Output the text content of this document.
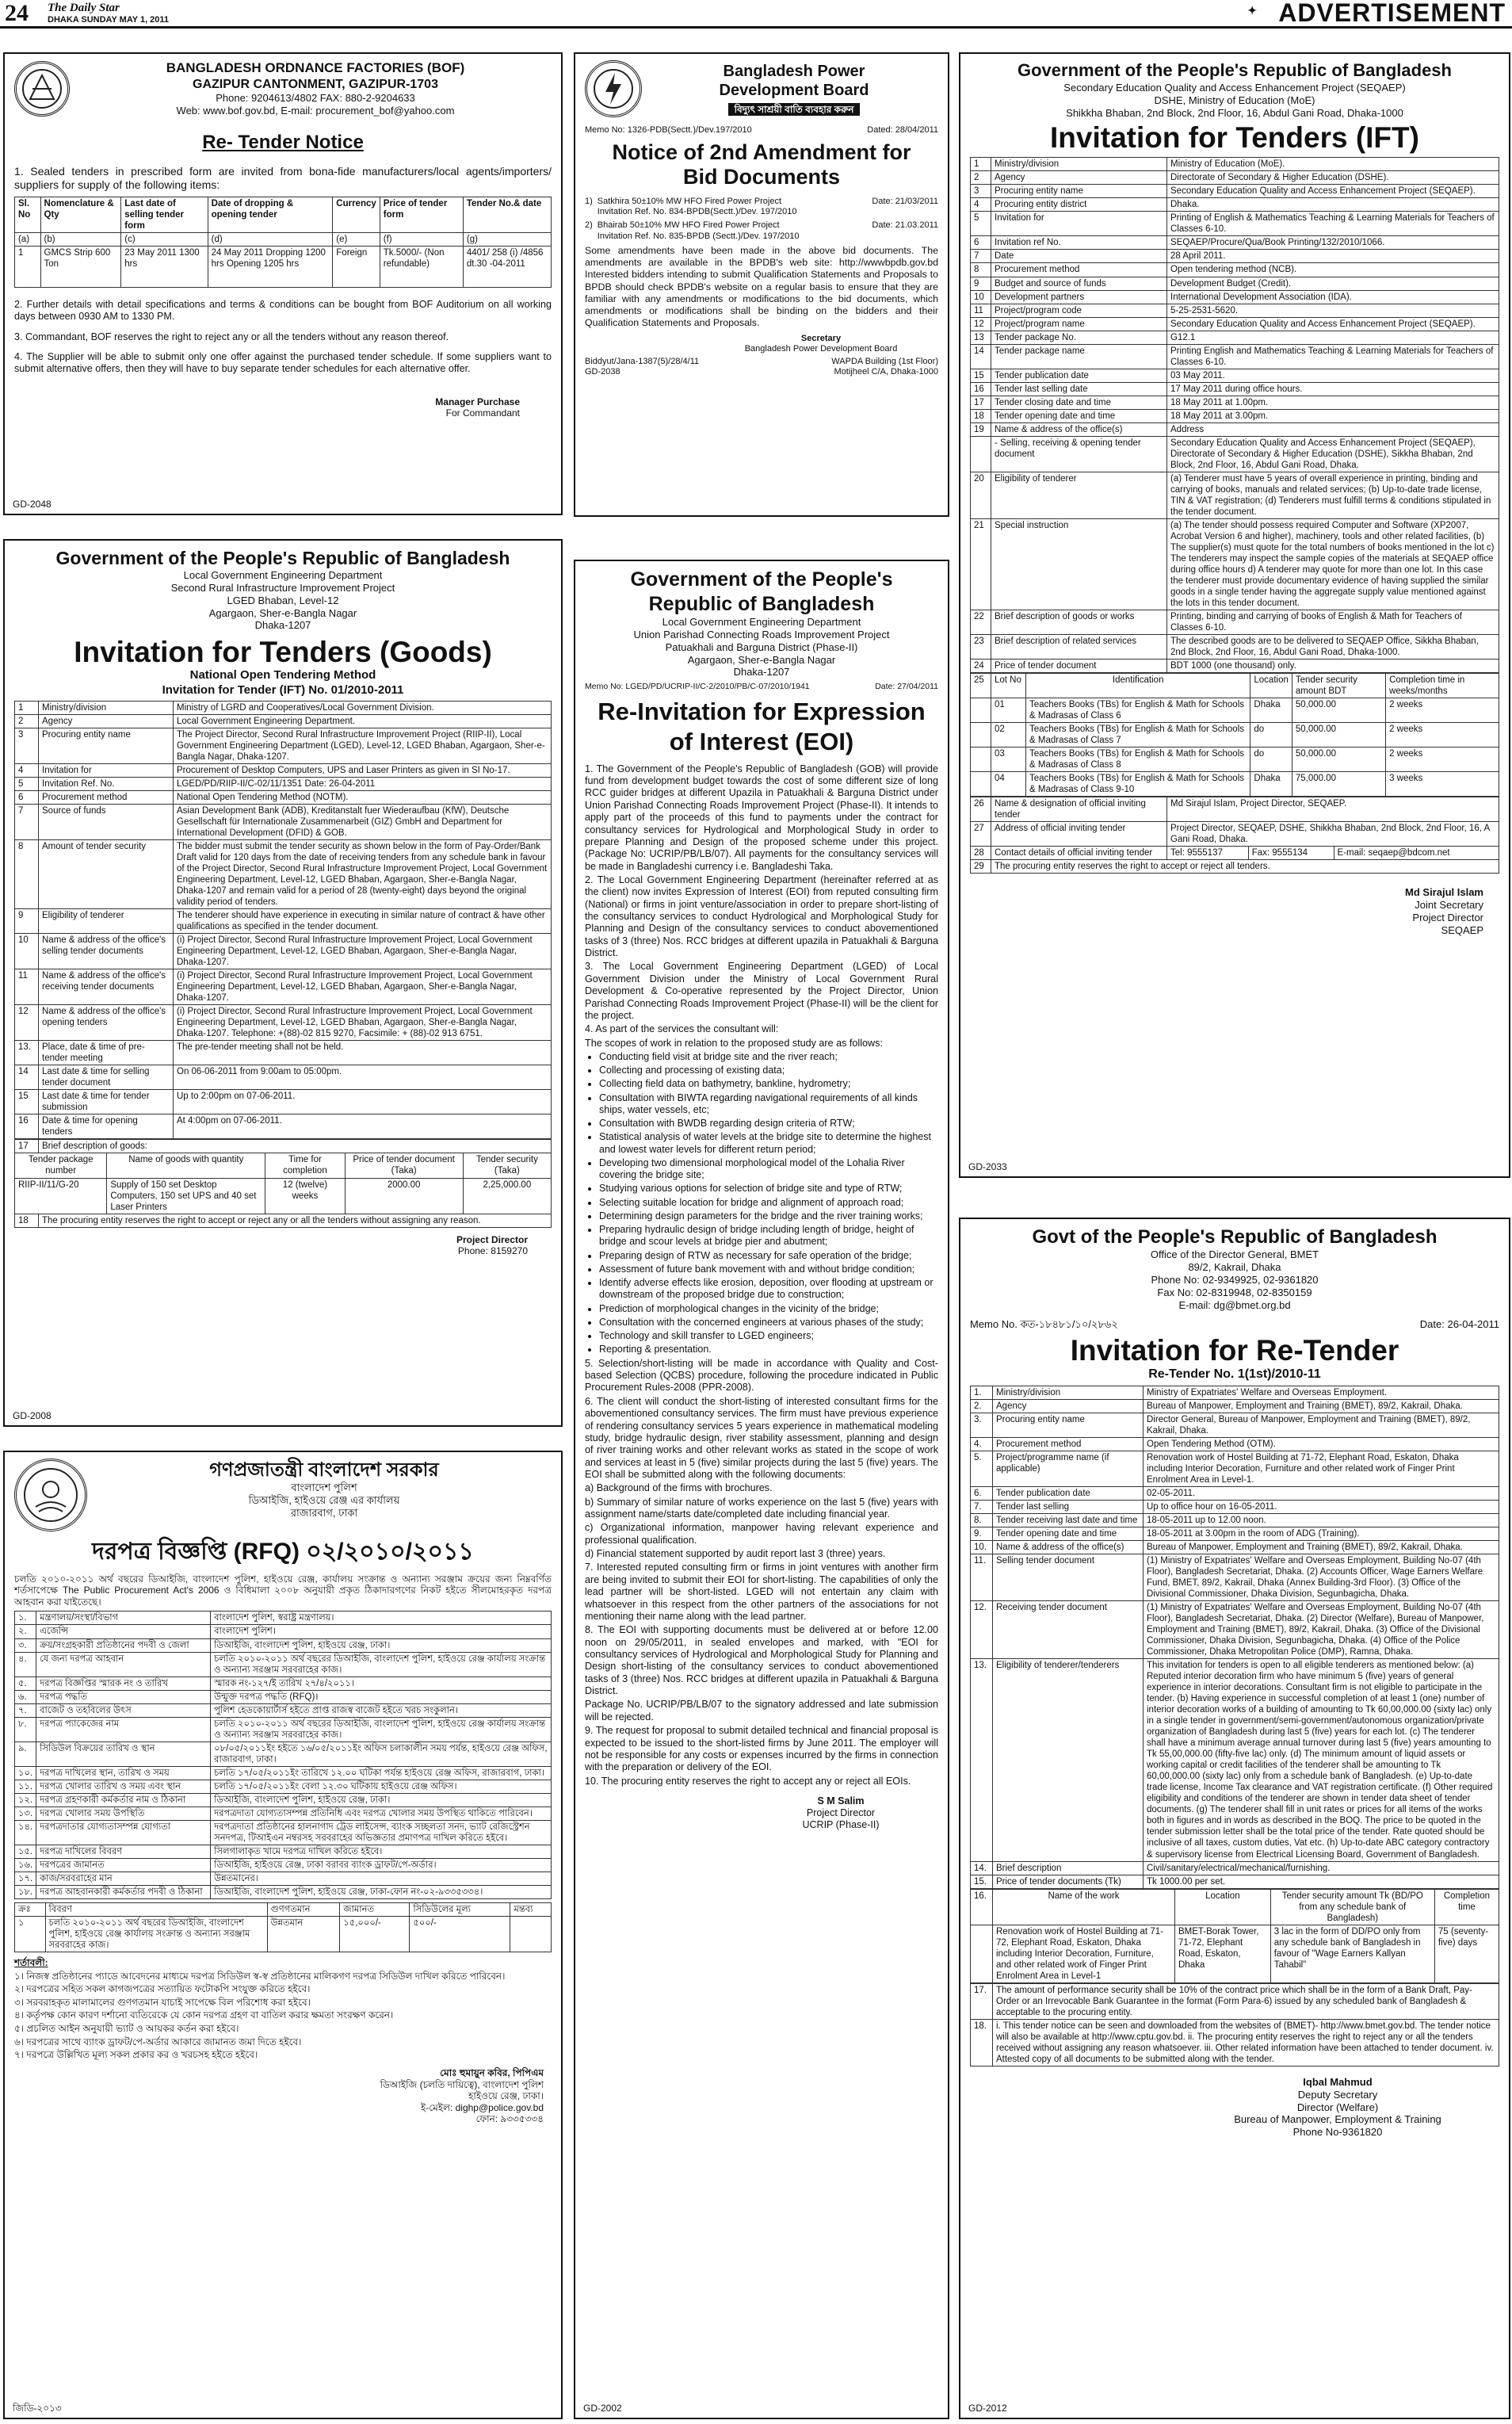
24 The Daily Star
DHAKA SUNDAY MAY 1, 2011
✦ ADVERTISEMENT
BANGLADESH ORDNANCE FACTORIES (BOF)
GAZIPUR CANTONMENT, GAZIPUR-1703
Phone: 9204613/4802 FAX: 880-2-9204633
Web: www.bof.gov.bd, E-mail: procurement_bof@yahoo.com
Re- Tender Notice
1. Sealed tenders in prescribed form are invited from bona-fide manufacturers/local agents/importers/ suppliers for supply of the following items:
Sl. No	Nomenclature & Qty	Last date of selling tender form	Date of dropping & opening tender	Currency	Price of tender form	Tender No.& date
(a)	(b)	(c)	(d)	(e)	(f)	(g)
1	GMCS Strip 600 Ton	23 May 2011 1300 hrs	24 May 2011 Dropping 1200 hrs Opening 1205 hrs	Foreign	Tk.5000/- (Non refundable)	4401/ 258 (i) /4856 dt.30 -04-2011
2. Further details with detail specifications and terms & conditions can be bought from BOF Auditorium on all working days between 0930 AM to 1330 PM.
3. Commandant, BOF reserves the right to reject any or all the tenders without any reason thereof.
4. The Supplier will be able to submit only one offer against the purchased tender schedule. If some suppliers want to submit alternative offers, then they will have to buy separate tender schedules for each alternative offer.
Manager Purchase
For Commandant
GD-2048
Bangladesh Power
Development Board
বিদ্যুৎ সাশ্রয়ী বাতি ব্যবহার করুন
Memo No: 1326-PDB(Sectt.)/Dev.197/2010	Dated: 28/04/2011
Notice of 2nd Amendment for
Bid Documents
1) Satkhira 50±10% MW HFO Fired Power Project	Date: 21/03/2011
Invitation Ref. No. 834-BPDB(Sectt.)/Dev. 197/2010
2) Bhairab 50±10% MW HFO Fired Power Project	Date: 21.03.2011
Invitation Ref. No. 835-BPDB (Sectt.)/Dev. 197/2010
Some amendments have been made in the above bid documents. The amendments are available in the BPDB's web site: http://wwwbpdb.gov.bd Interested bidders intending to submit Qualification Statements and Proposals to BPDB should check BPDB's website on a regular basis to ensure that they are familiar with any amendments or modifications to the bid documents, which amendments or modifications shall be binding on the bidders and their Qualification Statements and Proposals.
Secretary
Bangladesh Power Development Board
Biddyut/Jana-1387(5)/28/4/11	WAPDA Building (1st Floor)
GD-2038	Motijheel C/A, Dhaka-1000
Government of the People's Republic of Bangladesh
Secondary Education Quality and Access Enhancement Project (SEQAEP)
DSHE, Ministry of Education (MoE)
Shikkha Bhaban, 2nd Block, 2nd Floor, 16, Abdul Gani Road, Dhaka-1000
Invitation for Tenders (IFT)
1	Ministry/division	Ministry of Education (MoE).
2	Agency	Directorate of Secondary & Higher Education (DSHE).
3	Procuring entity name	Secondary Education Quality and Access Enhancement Project (SEQAEP).
4	Procuring entity district	Dhaka.
5	Invitation for	Printing of English & Mathematics Teaching & Learning Materials for Teachers of Classes 6-10.
6	Invitation ref No.	SEQAEP/Procure/Qua/Book Printing/132/2010/1066.
7	Date	28 April 2011.
8	Procurement method	Open tendering method (NCB).
9	Budget and source of funds	Development Budget (Credit).
10	Development partners	International Development Association (IDA).
11	Project/program code	5-25-2531-5620.
12	Project/program name	Secondary Education Quality and Access Enhancement Project (SEQAEP).
13	Tender package No.	G12.1
14	Tender package name	Printing English and Mathematics Teaching & Learning Materials for Teachers of Classes 6-10.
15	Tender publication date	03 May 2011.
16	Tender last selling date	17 May 2011 during office hours.
17	Tender closing date and time	18 May 2011 at 1.00pm.
18	Tender opening date and time	18 May 2011 at 3.00pm.
19	Name & address of the office(s)	Address
	- Selling, receiving & opening tender document	Secondary Education Quality and Access Enhancement Project (SEQAEP), Directorate of Secondary & Higher Education (DSHE), Sikkha Bhaban, 2nd Block, 2nd Floor, 16, Abdul Gani Road, Dhaka.
20	Eligibility of tenderer	(a) Tenderer must have 5 years of overall experience in printing, binding and carrying of books, manuals and related services; (b) Up-to-date trade license, TIN & VAT registration; (d) Tenderers must fulfill terms & conditions stipulated in the tender document.
21	Special instruction	(a) The tender should possess required Computer and Software (XP2007, Acrobat Version 6 and higher), machinery, tools and other related facilities, (b) The supplier(s) must quote for the total numbers of books mentioned in the lot c) The tenderers may inspect the sample copies of the materials at SEQAEP office during office hours d) A tenderer may quote for more than one lot. In this case the tenderer must provide documentary evidence of having supplied the similar goods in a single tender having the aggregate supply value mentioned against the lots in this tender document.
22	Brief description of goods or works	Printing, binding and carrying of books of English & Math for Teachers of Classes 6-10.
23	Brief description of related services	The described goods are to be delivered to SEQAEP Office, Sikkha Bhaban, 2nd Block, 2nd Floor, 16, Abdul Gani Road, Dhaka-1000.
24	Price of tender document	BDT 1000 (one thousand) only.
25	Lot No	Identification	Location	Tender security amount BDT	Completion time in weeks/months
	01	Teachers Books (TBs) for English & Math for Schools & Madrasas of Class 6	Dhaka	50,000.00	2 weeks
	02	Teachers Books (TBs) for English & Math for Schools & Madrasas of Class 7	do	50,000.00	2 weeks
	03	Teachers Books (TBs) for English & Math for Schools & Madrasas of Class 8	do	50,000.00	2 weeks
	04	Teachers Books (TBs) for English & Math for Schools & Madrasas of Class 9-10	Dhaka	75,000.00	3 weeks
26	Name & designation of official inviting tender	Md Sirajul Islam, Project Director, SEQAEP.		
27	Address of official inviting tender	Project Director, SEQAEP, DSHE, Shikkha Bhaban, 2nd Block, 2nd Floor, 16, A Gani Road, Dhaka.		
28	Contact details of official inviting tender	Tel: 9555137	Fax: 9555134	E-mail: seqaep@bdcom.net
29	The procuring entity reserves the right to accept or reject all tenders.			
Md Sirajul Islam
Joint Secretary
Project Director
SEQAEP
GD-2033
Government of the People's Republic of Bangladesh
Local Government Engineering Department
Second Rural Infrastructure Improvement Project
LGED Bhaban, Level-12
Agargaon, Sher-e-Bangla Nagar
Dhaka-1207
Invitation for Tenders (Goods)
National Open Tendering Method
Invitation for Tender (IFT) No. 01/2010-2011
1	Ministry/division	Ministry of LGRD and Cooperatives/Local Government Division.
2	Agency	Local Government Engineering Department.
3	Procuring entity name	The Project Director, Second Rural Infrastructure Improvement Project (RIIP-II), Local Government Engineering Department (LGED), Level-12, LGED Bhaban, Agargaon, Sher-e-Bangla Nagar, Dhaka-1207.
4	Invitation for	Procurement of Desktop Computers, UPS and Laser Printers as given in SI No-17.
5	Invitation Ref. No.	LGED/PD/RIIP-II/C-02/11/1351 Date: 26-04-2011
6	Procurement method	National Open Tendering Method (NOTM).
7	Source of funds	Asian Development Bank (ADB), Kreditanstalt fuer Wiederaufbau (KfW), Deutsche Gesellschaft für Internationale Zusammenarbeit (GIZ) GmbH and Department for International Development (DFID) & GOB.
8	Amount of tender security	The bidder must submit the tender security as shown below in the form of Pay-Order/Bank Draft valid for 120 days from the date of receiving tenders from any schedule bank in favour of the Project Director, Second Rural Infrastructure Improvement Project, Local Government Engineering Department, Level-12, LGED Bhaban, Agargaon, Sher-e-Bangla Nagar, Dhaka-1207 and remain valid for a period of 28 (twenty-eight) days beyond the original validity period of tenders.
9	Eligibility of tenderer	The tenderer should have experience in executing in similar nature of contract & have other qualifications as specified in the tender document.
10	Name & address of the office's selling tender documents	(i) Project Director, Second Rural Infrastructure Improvement Project, Local Government Engineering Department, Level-12, LGED Bhaban, Agargaon, Sher-e-Bangla Nagar, Dhaka-1207.
11	Name & address of the office's receiving tender documents	(i) Project Director, Second Rural Infrastructure Improvement Project, Local Government Engineering Department, Level-12, LGED Bhaban, Agargaon, Sher-e-Bangla Nagar, Dhaka-1207.
12	Name & address of the office's opening tenders	(i) Project Director, Second Rural Infrastructure Improvement Project, Local Government Engineering Department, Level-12, LGED Bhaban, Agargaon, Sher-e-Bangla Nagar, Dhaka-1207. Telephone: +(88)-02 815 9270, Facsimile: + (88)-02 913 6751.
13.	Place, date & time of pre-tender meeting	The pre-tender meeting shall not be held.
14	Last date & time for selling tender document	On 06-06-2011 from 9:00am to 05:00pm.
15	Last date & time for tender submission	Up to 2:00pm on 07-06-2011.
16	Date & time for opening tenders	At 4:00pm on 07-06-2011.
17	Brief description of goods:				
Tender package number		Name of goods with quantity	Time for completion	Price of tender document (Taka)	Tender security (Taka)
RIIP-II/11/G-20		Supply of 150 set Desktop Computers, 150 set UPS and 40 set Laser Printers	12 (twelve) weeks	2000.00	2,25,000.00
18	The procuring entity reserves the right to accept or reject any or all the tenders without assigning any reason.				
Project Director
Phone: 8159270
GD-2008
Government of the People's
Republic of Bangladesh
Local Government Engineering Department
Union Parishad Connecting Roads Improvement Project
Patuakhali and Barguna District (Phase-II)
Agargaon, Sher-e-Bangla Nagar
Dhaka-1207
Memo No: LGED/PD/UCRIP-II/C-2/2010/PB/C-07/2010/1941	Date: 27/04/2011
Re-Invitation for Expression
of Interest (EOI)
1. The Government of the People's Republic of Bangladesh (GOB) will provide fund from development budget towards the cost of some different size of long RCC guider bridges at different Upazila in Patuakhali & Barguna District under Union Parishad Connecting Roads Improvement Project (Phase-II). It intends to apply part of the proceeds of this fund to payments under the contract for consultancy services for Hydrological and Morphological Study in order to prepare Planning and Design of the proposed scheme under this project. (Package No: UCRIP/PB/LB/07). All payments for the consultancy services will be made in Bangladeshi currency i.e. Bangladeshi Taka.
2. The Local Government Engineering Department (hereinafter referred at as the client) now invites Expression of Interest (EOI) from reputed consulting firm (National) or firms in joint venture/association in order to prepare short-listing of the consultancy services to conduct Hydrological and Morphological Study for Planning and Design of the consultancy services to conduct abovementioned tasks of 3 (three) Nos. RCC bridges at different upazila in Patuakhali & Barguna District.
3. The Local Government Engineering Department (LGED) of Local Government Division under the Ministry of Local Government Rural Development & Co-operative represented by the Project Director, Union Parishad Connecting Roads Improvement Project (Phase-II) will be the client for the project.
4. As part of the services the consultant will:
The scopes of work in relation to the proposed study are as follows:
• Conducting field visit at bridge site and the river reach;
• Collecting and processing of existing data;
• Collecting field data on bathymetry, bankline, hydrometry;
• Consultation with BIWTA regarding navigational requirements of all kinds ships, water vessels, etc;
• Consultation with BWDB regarding design criteria of RTW;
• Statistical analysis of water levels at the bridge site to determine the highest and lowest water levels for different return period;
• Developing two dimensional morphological model of the Lohalia River covering the bridge site;
• Studying various options for selection of bridge site and type of RTW;
• Selecting suitable location for bridge and alignment of approach road;
• Determining design parameters for the bridge and the river training works;
• Preparing hydraulic design of bridge including length of bridge, height of bridge and scour levels at bridge pier and abutment;
• Preparing design of RTW as necessary for safe operation of the bridge;
• Assessment of future bank movement with and without bridge condition;
• Identify adverse effects like erosion, deposition, over flooding at upstream or downstream of the proposed bridge due to construction;
• Prediction of morphological changes in the vicinity of the bridge;
• Consultation with the concerned engineers at various phases of the study;
• Technology and skill transfer to LGED engineers;
• Reporting & presentation.
5. Selection/short-listing will be made in accordance with Quality and Cost-based Selection (QCBS) procedure, following the procedure indicated in Public Procurement Rules-2008 (PPR-2008).
6. The client will conduct the short-listing of interested consultant firms for the abovementioned consultancy services. The firm must have previous experience of rendering consultancy services 5 years experience in mathematical modeling study, bridge hydraulic design, river stability assessment, planning and design of river training works and other relevant works as stated in the scope of work and services at least in 5 (five) similar projects during the last 5 (five) years. The EOI shall be submitted along with the following documents:
a) Background of the firms with brochures.
b) Summary of similar nature of works experience on the last 5 (five) years with assignment name/starts date/completed date including financial year.
c) Organizational information, manpower having relevant experience and professional qualification.
d) Financial statement supported by audit report last 3 (three) years.
7. Interested reputed consulting firm or firms in joint ventures with another firm are being invited to submit their EOI for short-listing. The capabilities of only the lead partner will be short-listed. LGED will not entertain any claim with whatsoever in this respect from the other partners of the associations for not mentioning their name along with the lead partner.
8. The EOI with supporting documents must be delivered at or before 12.00 noon on 29/05/2011, in sealed envelopes and marked, with "EOI for consultancy services of Hydrological and Morphological Study for Planning and Design short-listing of the consultancy services to conduct abovementioned tasks of 3 (three) Nos. RCC bridges at different upazila in Patuakhali & Barguna District.
Package No. UCRIP/PB/LB/07 to the signatory addressed and late submission will be rejected.
9. The request for proposal to submit detailed technical and financial proposal is expected to be issued to the short-listed firms by June 2011. The employer will not be responsible for any costs or expenses incurred by the firms in connection with the preparation or delivery of the EOI.
10. The procuring entity reserves the right to accept any or reject all EOIs.
S M Salim
Project Director
UCRIP (Phase-II)
GD-2002
গণপ্রজাতন্ত্রী বাংলাদেশ সরকার
বাংলাদেশ পুলিশ
ডিআইজি, হাইওয়ে রেঞ্জ এর কার্যালয়
রাজারবাগ, ঢাকা
দরপত্র বিজ্ঞপ্তি (RFQ) ০২/২০১০/২০১১
চলতি ২০১০-২০১১ অর্থ বছরের ডিআইজি, বাংলাদেশ পুলিশ, হাইওয়ে রেঞ্জ, কার্যালয় সংক্রান্ত ও অন্যান্য সরঞ্জাম ক্রয়ের জন্য নিম্নবর্ণিত শর্তসাপেক্ষে The Public Procurement Act's 2006 ও বিধিমালা ২০০৮ অনুযায়ী প্রকৃত ঠিকাদারগণের নিকট হইতে সীলমোহরকৃত দরপত্র আহবান করা যাইতেছে।
১.	মন্ত্রণালয়/সংস্থা/বিভাগ	বাংলাদেশ পুলিশ, স্বরাষ্ট্র মন্ত্রণালয়।
২.	এজেন্সি	বাংলাদেশ পুলিশ।
৩.	ক্রয়/সংগ্রহকারী প্রতিষ্ঠানের পদবী ও জেলা	ডিআইজি, বাংলাদেশ পুলিশ, হাইওয়ে রেঞ্জ, ঢাকা।
৪.	যে জন্য দরপত্র আহবান	চলতি ২০১০-২০১১ অর্থ বছরের ডিআইজি, বাংলাদেশ পুলিশ, হাইওয়ে রেঞ্জ কার্যালয় সংক্রান্ত ও অন্যান্য সরঞ্জাম সরবরাহের কাজ।
৫.	দরপত্র বিজ্ঞপ্তির স্মারক নং ও তারিখ	স্মারক নং-১২৭/ই তারিখ ২৭/৪/২০১১।
৬.	দরপত্র পদ্ধতি	উন্মুক্ত দরপত্র পদ্ধতি (RFQ)।
৭.	বাজেট ও তহবিলের উৎস	পুলিশ হেডকোয়ার্টার্স হইতে প্রাপ্ত রাজস্ব বাজেট হইতে খরচ সংকুলান।
৮.	দরপত্র প্যাকেজের নাম	চলতি ২০১০-২০১১ অর্থ বছরের ডিআইজি, বাংলাদেশ পুলিশ, হাইওয়ে রেঞ্জ কার্যালয় সংক্রান্ত ও অন্যান্য সরঞ্জাম সরবরাহের কাজ।
৯.	সিডিউল বিক্রয়ের তারিখ ও স্থান	০৮/০৫/২০১১ইং হইতে ১৬/০৫/২০১১ইং অফিস চলাকালীন সময় পর্যন্ত, হাইওয়ে রেঞ্জ অফিস, রাজারবাগ, ঢাকা।
১০.	দরপত্র দাখিলের স্থান, তারিখ ও সময়	চলতি ১৭/০৫/২০১১ইং তারিখে ১২.০০ ঘটিকা পর্যন্ত হাইওয়ে রেঞ্জ অফিস, রাজারবাগ, ঢাকা।
১১.	দরপত্র খোলার তারিখ ও সময় এবং স্থান	চলতি ১৭/০৫/২০১১ইং বেলা ১২.৩০ ঘটিকায় হাইওয়ে রেঞ্জ অফিস।
১২.	দরপত্র গ্রহণকারী কর্মকর্তার নাম ও ঠিকানা	ডিআইজি, বাংলাদেশ পুলিশ, হাইওয়ে রেঞ্জ, ঢাকা।
১৩.	দরপত্র খোলার সময় উপস্থিতি	দরপত্রদাতা যোগ্যতাসম্পন্ন প্রতিনিধি এবং দরপত্র খোলার সময় উপস্থিত থাকিতে পারিবেন।
১৪.	দরপত্রদাতার যোগ্যতাসম্পন্ন যোগ্যতা	দরপত্রদাতা প্রতিষ্ঠানের হালনাগাদ ট্রেড লাইসেন্স, ব্যাংক সচ্ছলতা সনদ, ভ্যাট রেজিস্ট্রেশন সনদপত্র, টিআইএন নম্বরসহ সরবরাহের অভিজ্ঞতার প্রমাণপত্র দাখিল করিতে হইবে।
১৫.	দরপত্র দাখিলের বিবরণ	সিলগালাকৃত খামে দরপত্র দাখিল করিতে হইবে।
১৬.	দরপত্রের জামানত	ডিআইজি, হাইওয়ে রেঞ্জ, ঢাকা বরাবর ব্যাংক ড্রাফট/পে-অর্ডার।
১৭.	কাজ/সরবরাহের মান	উন্নতমানের।
১৮.	দরপত্র আহবানকারী কর্মকর্তার পদবী ও ঠিকানা	ডিআইজি, বাংলাদেশ পুলিশ, হাইওয়ে রেঞ্জ, ঢাকা-ফোন নং-০২-৯৩৩৫৩৩৪।
ক্রঃ	বিবরণ	গুণগতমান	জামানত	সিডিউলের মূল্য	মন্তব্য
১	চলতি ২০১০-২০১১ অর্থ বছরের ডিআইজি, বাংলাদেশ পুলিশ, হাইওয়ে রেঞ্জ কার্যালয় সংক্রান্ত ও অন্যান্য সরঞ্জাম সরবরাহের কাজ।	উন্নতমান	১৫,০০০/-	৫০০/-	
শর্তাবলী:
১। নিজস্ব প্রতিষ্ঠানের প্যাডে আবেদনের মাধ্যমে দরপত্র সিডিউল স্ব-স্ব প্রতিষ্ঠানের মালিকগণ দরপত্র সিডিউল দাখিল করিতে পারিবেন।
২। দরপত্রের সহিত সকল কাগজপত্রের সত্যায়িত ফটোকপি সংযুক্ত করিতে হইবে।
৩। সরবরাহকৃত মালামালের গুণগতমান যাচাই সাপেক্ষে বিল পরিশোধ করা হইবে।
৪। কর্তৃপক্ষ কোন কারণ দর্শানো ব্যতিরেকে যে কোন দরপত্র গ্রহণ বা বাতিল করার ক্ষমতা সংরক্ষণ করেন।
৫। প্রচলিত আইন অনুযায়ী ভ্যাট ও আয়কর কর্তন করা হইবে।
৬। দরপত্রের সাথে ব্যাংক ড্রাফট/পে-অর্ডার আকারে জামানত জমা দিতে হইবে।
৭। দরপত্রে উল্লিখিত মূল্য সকল প্রকার কর ও খরচসহ হইতে হইবে।
মোঃ হুমায়ুন কবির, পিপিএম
ডিআইজি (চলতি দায়িত্বে), বাংলাদেশ পুলিশ
হাইওয়ে রেঞ্জ, ঢাকা।
ই-মেইল: dighp@police.gov.bd
ফোন: ৯৩৩৫৩৩৪
জিডি-২০১৩
Govt of the People's Republic of Bangladesh
Office of the Director General, BMET
89/2, Kakrail, Dhaka
Phone No: 02-9349925, 02-9361820
Fax No: 02-8319948, 02-8350159
E-mail: dg@bmet.org.bd
Memo No. কত-১৮৪৮১/১০/২৮৬২	Date: 26-04-2011
Invitation for Re-Tender
Re-Tender No. 1(1st)/2010-11
1.	Ministry/division	Ministry of Expatriates' Welfare and Overseas Employment.
2.	Agency	Bureau of Manpower, Employment and Training (BMET), 89/2, Kakrail, Dhaka.
3.	Procuring entity name	Director General, Bureau of Manpower, Employment and Training (BMET), 89/2, Kakrail, Dhaka.
4.	Procurement method	Open Tendering Method (OTM).
5.	Project/programme name (if applicable)	Renovation work of Hostel Building at 71-72, Elephant Road, Eskaton, Dhaka including Interior Decoration, Furniture and other related work of Finger Print Enrolment Area in Level-1.
6.	Tender publication date	02-05-2011.
7.	Tender last selling	Up to office hour on 16-05-2011.
8.	Tender receiving last date and time	18-05-2011 up to 12.00 noon.
9.	Tender opening date and time	18-05-2011 at 3.00pm in the room of ADG (Training).
10.	Name & address of the office(s)	Bureau of Manpower, Employment and Training (BMET), 89/2, Kakrail, Dhaka.
11.	Selling tender document	(1) Ministry of Expatriates' Welfare and Overseas Employment, Building No-07 (4th Floor), Bangladesh Secretariat, Dhaka. (2) Accounts Officer, Wage Earners Welfare Fund, BMET, 89/2, Kakrail, Dhaka (Annex Building-3rd Floor). (3) Office of the Divisional Commissioner, Dhaka Division, Segunbagicha, Dhaka.
12.	Receiving tender document	(1) Ministry of Expatriates' Welfare and Overseas Employment, Building No-07 (4th Floor), Bangladesh Secretariat, Dhaka. (2) Director (Welfare), Bureau of Manpower, Employment and Training (BMET), 89/2, Kakrail, Dhaka. (3) Office of the Divisional Commissioner, Dhaka Division, Segunbagicha, Dhaka. (4) Office of the Police Commissioner, Dhaka Metropolitan Police (DMP), Ramna, Dhaka.
13.	Eligibility of tenderer/tenderers	This invitation for tenders is open to all eligible tenderers as mentioned below: (a) Reputed interior decoration firm who have minimum 5 (five) years of general experience in interior decorations. Consultant firm is not eligible to participate in the tender. (b) Having experience in successful completion of at least 1 (one) number of interior decoration works of a building of amounting to Tk 60,00,000.00 (sixty lac) only in a single tender in government/semi-government/autonomous organization/private organization of Bangladesh during last 5 (five) years for each lot. (c) The tenderer shall have a minimum average annual turnover during last 5 (five) years amounting to Tk 55,00,000.00 (fifty-five lac) only. (d) The minimum amount of liquid assets or working capital or credit facilities of the tenderer shall be amounting to Tk 60,00,000.00 (sixty lac) only from a schedule bank of Bangladesh. (e) Up-to-date trade license, Income Tax clearance and VAT registration certificate. (f) Other required eligibility and conditions of the tenderer are shown in tender data sheet of tender documents. (g) The tenderer shall fill in unit rates or prices for all items of the works both in figures and in words as described in the BOQ. The price to be quoted in the tender submission letter shall be the total price of the tender. Rate quoted should be inclusive of all taxes, custom duties, Vat etc. (h) Up-to-date ABC category contractory & supervisory license from Electrical Licensing Board, Government of Bangladesh.
14.	Brief description	Civil/sanitary/electrical/mechanical/furnishing.
15.	Price of tender documents (Tk)	Tk 1000.00 per set.
16.	Name of the work	Location	Tender security amount Tk (BD/PO from any schedule bank of Bangladesh)	Completion time
	Renovation work of Hostel Building at 71-72, Elephant Road, Eskaton, Dhaka including Interior Decoration, Furniture, and other related work of Finger Print Enrolment Area in Level-1	BMET-Borak Tower, 71-72, Elephant Road, Eskaton, Dhaka	3 lac in the form of DD/PO only from any schedule bank of Bangladesh in favour of "Wage Earners Kallyan Tahabil"	75 (seventy-five) days
17.	The amount of performance security shall be 10% of the contract price which shall be in the form of a Bank Draft, Pay-Order or an Irrevocable Bank Guarantee in the format (Form Para-6) issued by any scheduled bank of Bangladesh & acceptable to the procuring entity.
18.	i. This tender notice can be seen and downloaded from the websites of (BMET)- http://www.bmet.gov.bd. The tender notice will also be available at http://www.cptu.gov.bd. ii. The procuring entity reserves the right to reject any or all the tenders received without assigning any reason whatsoever. iii. Other related information have been attached to tender document. iv. Attested copy of all documents to be submitted along with the tender.
Iqbal Mahmud
Deputy Secretary
Director (Welfare)
Bureau of Manpower, Employment & Training
Phone No-9361820
GD-2012
